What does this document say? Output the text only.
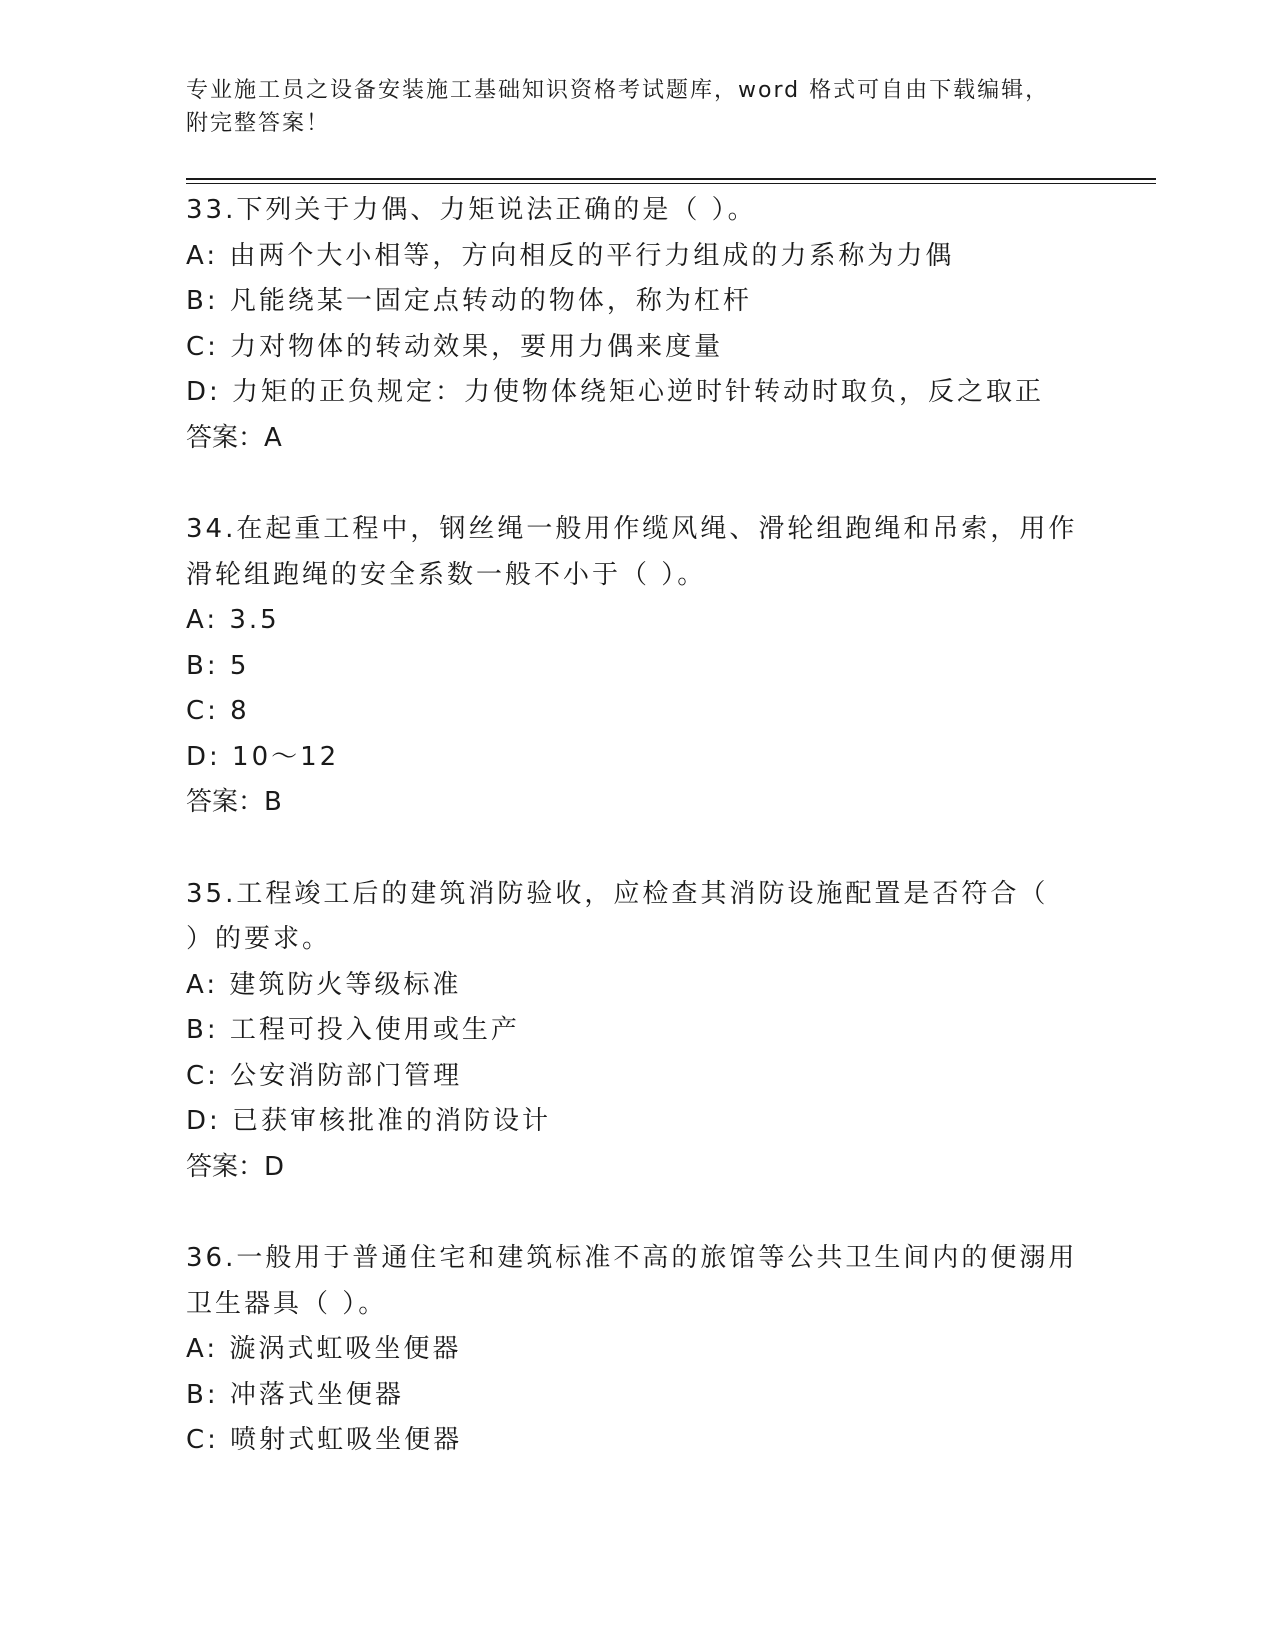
专业施工员之设备安装施工基础知识资格考试题库，word 格式可自由下载编辑，
附完整答案！
33.下列关于力偶、力矩说法正确的是（ ）。
A: 由两个大小相等，方向相反的平行力组成的力系称为力偶
B: 凡能绕某一固定点转动的物体，称为杠杆
C: 力对物体的转动效果，要用力偶来度量
D: 力矩的正负规定：力使物体绕矩心逆时针转动时取负，反之取正
答案：A
34.在起重工程中，钢丝绳一般用作缆风绳、滑轮组跑绳和吊索，用作
滑轮组跑绳的安全系数一般不小于（ ）。
A: 3.5
B: 5
C: 8
D: 10～12
答案：B
35.工程竣工后的建筑消防验收，应检查其消防设施配置是否符合（
）的要求。
A: 建筑防火等级标准
B: 工程可投入使用或生产
C: 公安消防部门管理
D: 已获审核批准的消防设计
答案：D
36.一般用于普通住宅和建筑标准不高的旅馆等公共卫生间内的便溺用
卫生器具（ ）。
A: 漩涡式虹吸坐便器
B: 冲落式坐便器
C: 喷射式虹吸坐便器
